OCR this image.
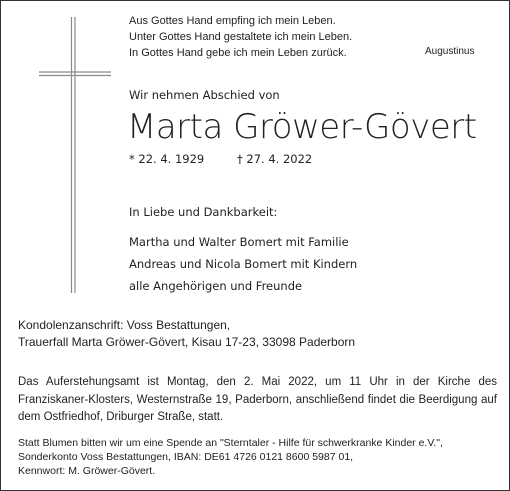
Aus Gottes Hand empfing ich mein Leben.
Unter Gottes Hand gestaltete ich mein Leben.
In Gottes Hand gebe ich mein Leben zurück.	Augustinus
Wir nehmen Abschied von
Marta Gröwer-Gövert
* 22. 4. 1929	† 27. 4. 2022
In Liebe und Dankbarkeit:
Martha und Walter Bomert mit Familie
Andreas und Nicola Bomert mit Kindern
alle Angehörigen und Freunde
Kondolenzanschrift: Voss Bestattungen,
Trauerfall Marta Gröwer-Gövert, Kisau 17-23, 33098 Paderborn
Das Auferstehungsamt ist Montag, den 2. Mai 2022, um 11 Uhr in der Kirche des Franziskaner-Klosters, Westernstraße 19, Paderborn, anschließend findet die Beerdigung auf dem Ostfriedhof, Driburger Straße, statt.
Statt Blumen bitten wir um eine Spende an "Sterntaler - Hilfe für schwerkranke Kinder e.V.",
Sonderkonto Voss Bestattungen, IBAN: DE61 4726 0121 8600 5987 01,
Kennwort: M. Gröwer-Gövert.
